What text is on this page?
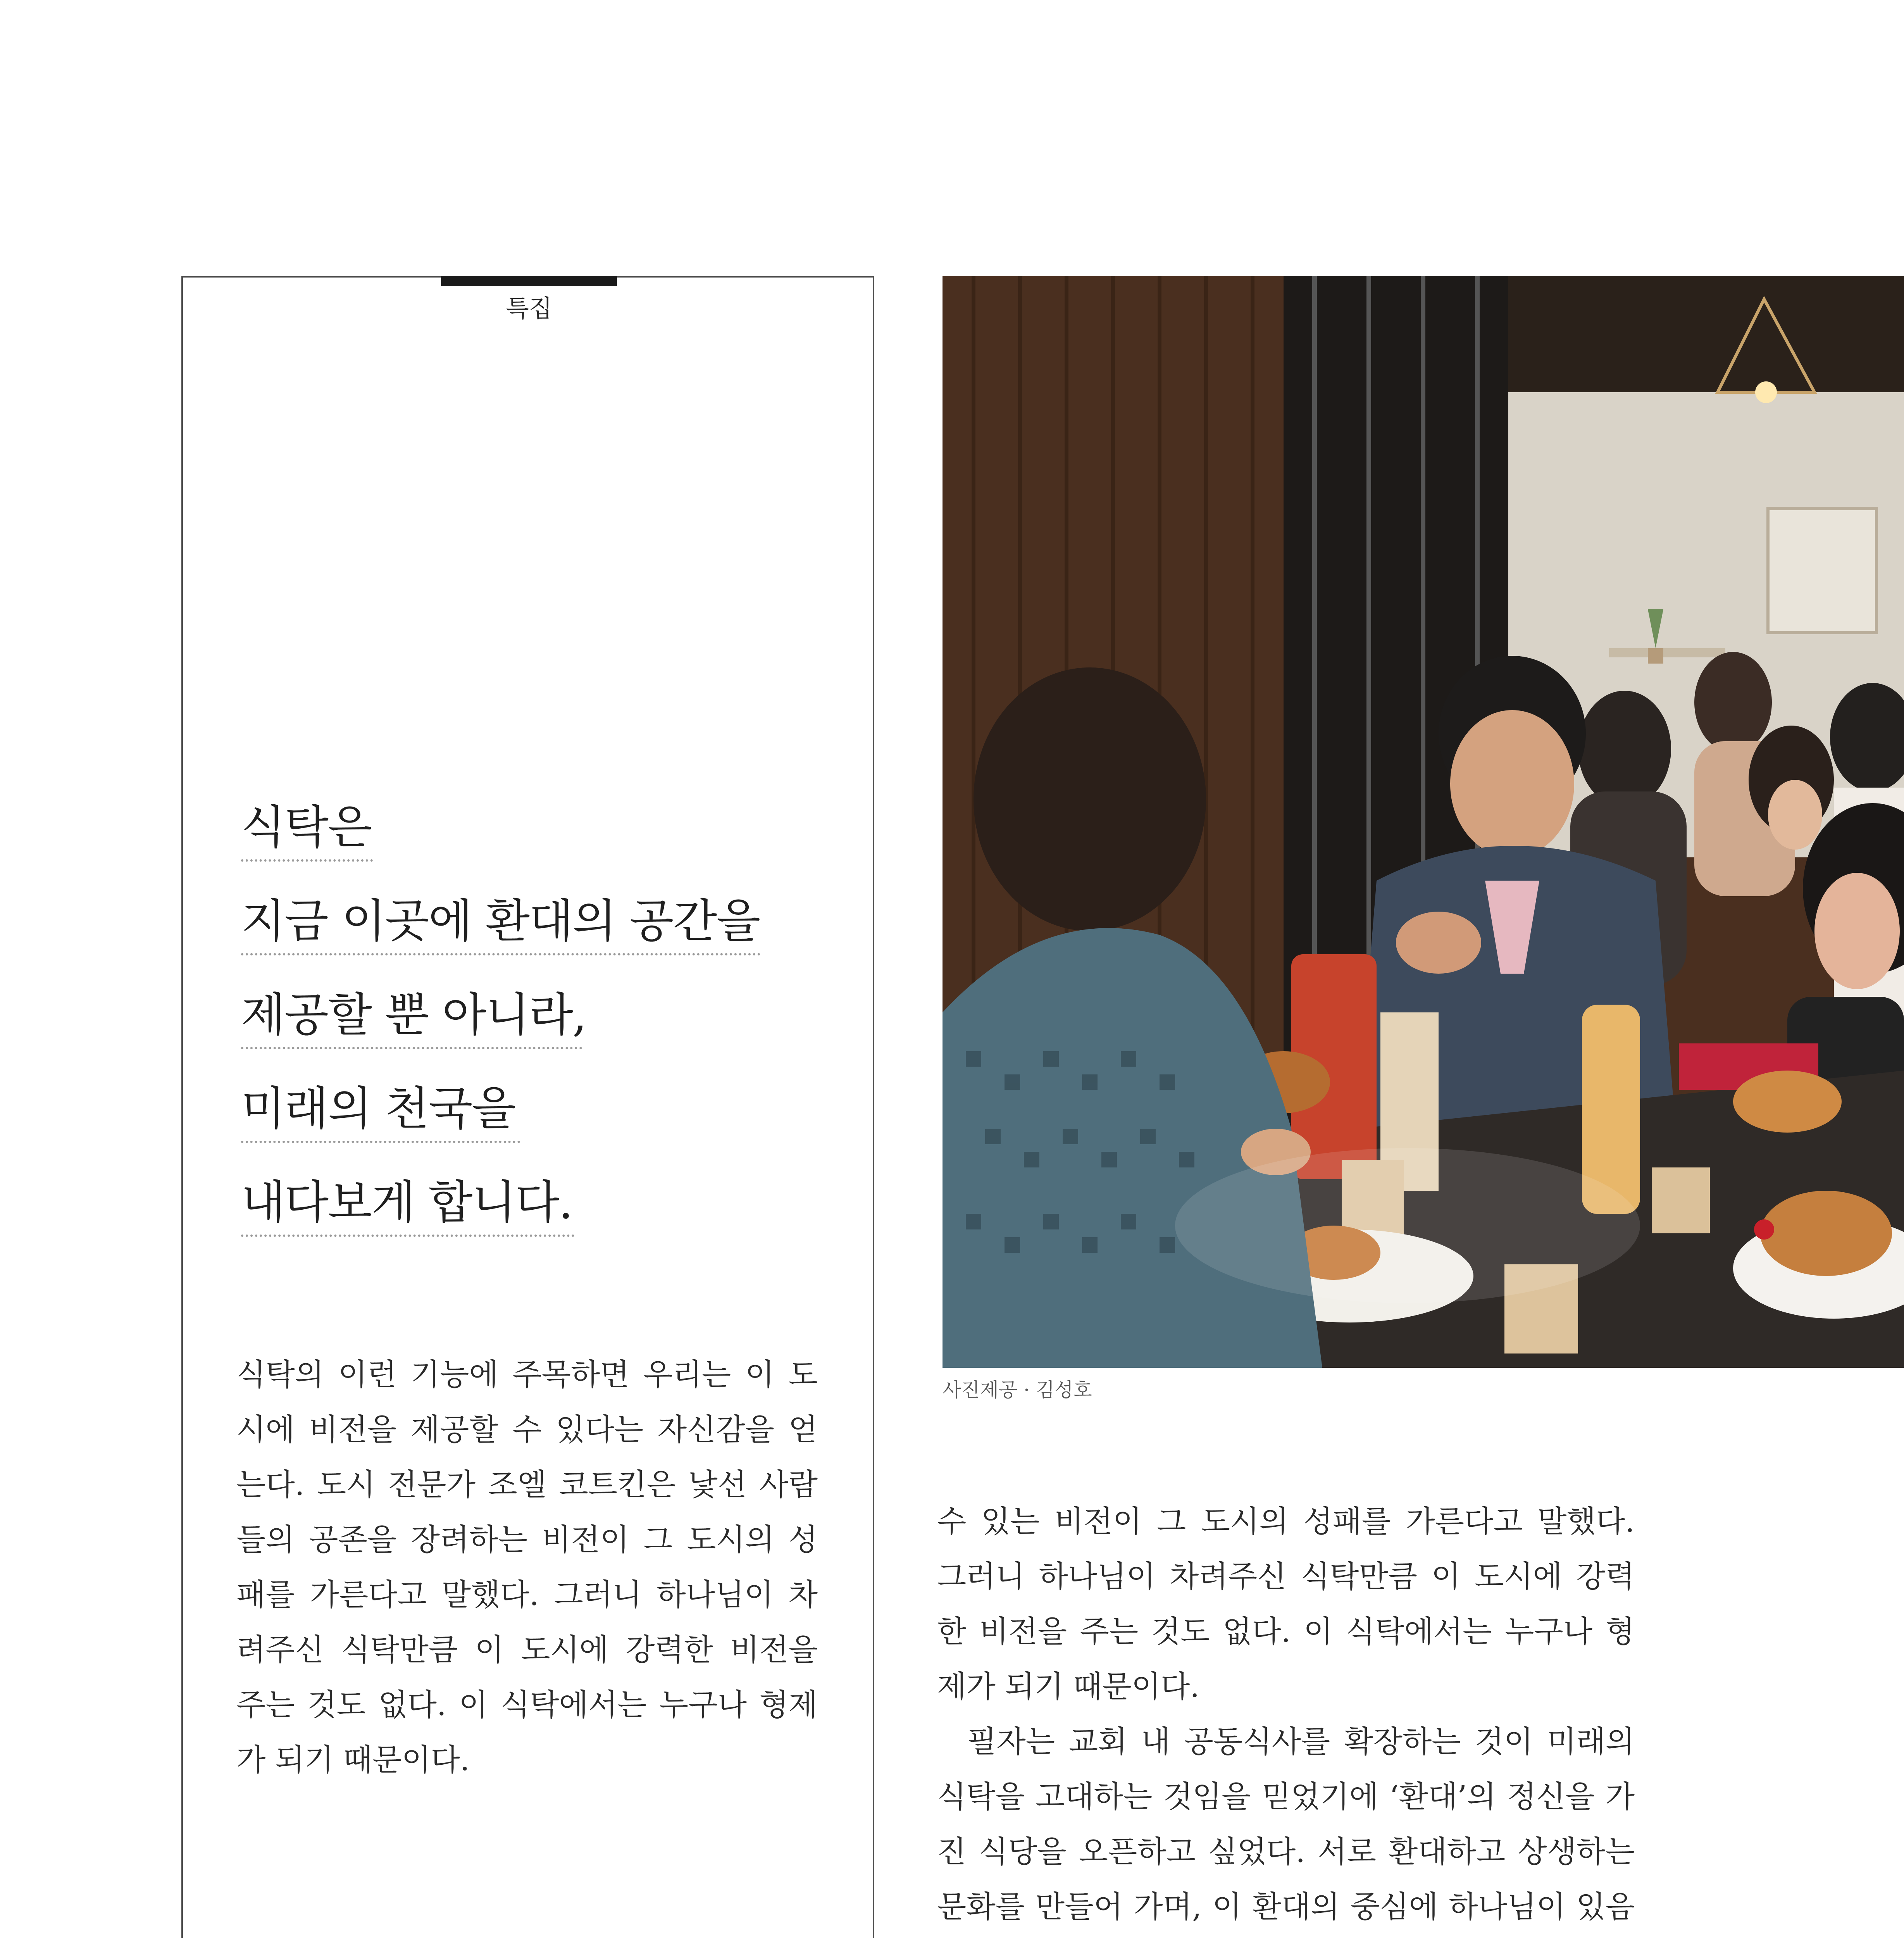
특집
식탁은
지금 이곳에 환대의 공간을
제공할 뿐 아니라,
미래의 천국을
내다보게 합니다.
식탁의 이런 기능에 주목하면 우리는 이 도시에 비전을 제공할 수 있다는 자신감을 얻는다. 도시 전문가 조엘 코트킨은 낯선 사람들의 공존을 장려하는 비전이 그 도시의 성패를 가른다고 말했다. 그러니 하나님이 차려주신 식탁만큼 이 도시에 강력한 비전을 주는 것도 없다. 이 식탁에서는 누구나 형제가 되기 때문이다.
사진제공 · 김성호

수 있는 비전이 그 도시의 성패를 가른다고 말했다. 그러니 하나님이 차려주신 식탁만큼 이 도시에 강력한 비전을 주는 것도 없다. 이 식탁에서는 누구나 형제가 되기 때문이다.

필자는 교회 내 공동식사를 확장하는 것이 미래의 식탁을 고대하는 것임을 믿었기에 ‘환대’의 정신을 가진 식당을 오픈하고 싶었다. 서로 환대하고 상생하는 문화를 만들어 가며, 이 환대의 중심에 하나님이 있음
